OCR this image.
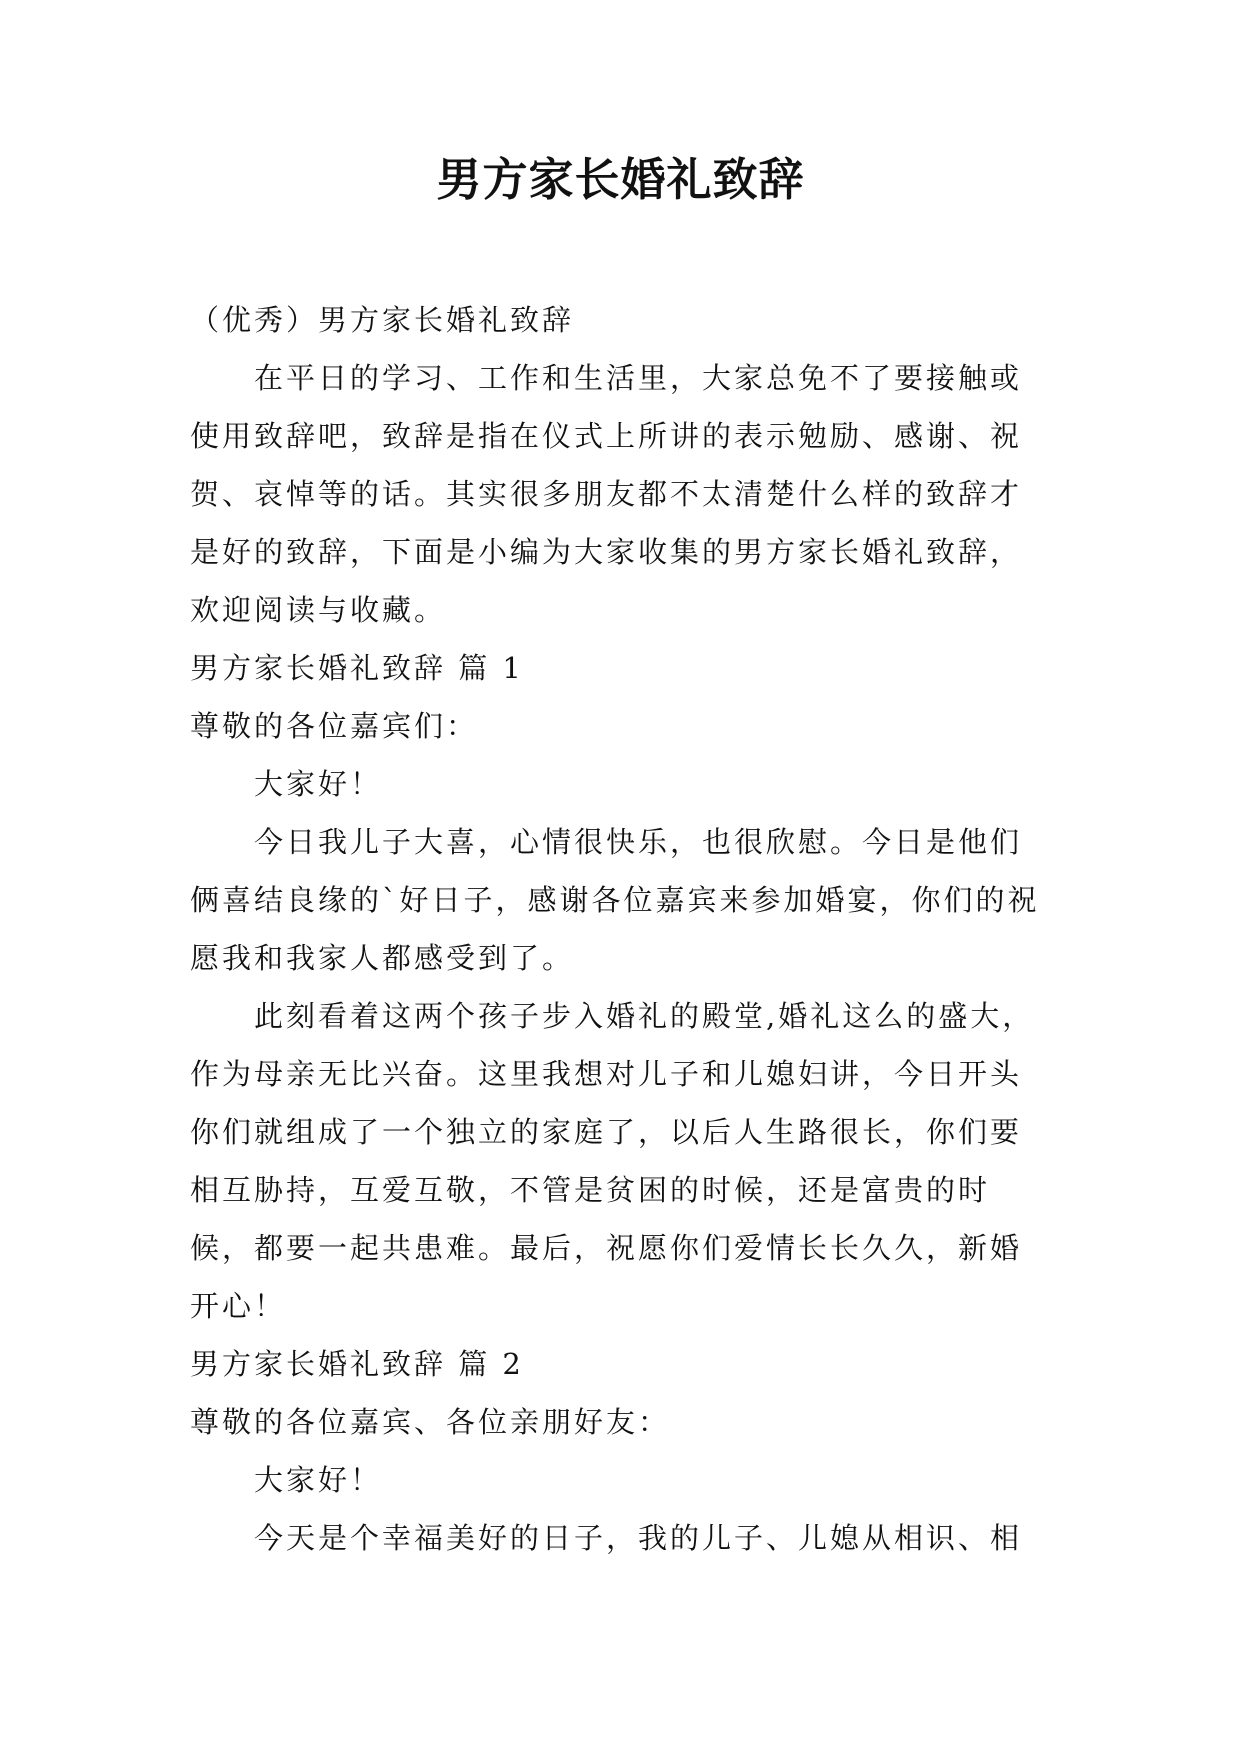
男方家长婚礼致辞

（优秀）男方家长婚礼致辞

在平日的学习、工作和生活里，大家总免不了要接触或使用致辞吧，致辞是指在仪式上所讲的表示勉励、感谢、祝贺、哀悼等的话。其实很多朋友都不太清楚什么样的致辞才是好的致辞，下面是小编为大家收集的男方家长婚礼致辞，欢迎阅读与收藏。

男方家长婚礼致辞 篇 1

尊敬的各位嘉宾们：

大家好！

今日我儿子大喜，心情很快乐，也很欣慰。今日是他们俩喜结良缘的`好日子，感谢各位嘉宾来参加婚宴，你们的祝愿我和我家人都感受到了。

此刻看着这两个孩子步入婚礼的殿堂,婚礼这么的盛大，作为母亲无比兴奋。这里我想对儿子和儿媳妇讲，今日开头你们就组成了一个独立的家庭了，以后人生路很长，你们要相互胁持，互爱互敬，不管是贫困的时候，还是富贵的时候，都要一起共患难。最后，祝愿你们爱情长长久久，新婚开心！

男方家长婚礼致辞 篇 2

尊敬的各位嘉宾、各位亲朋好友：

大家好！

今天是个幸福美好的日子，我的儿子、儿媳从相识、相
